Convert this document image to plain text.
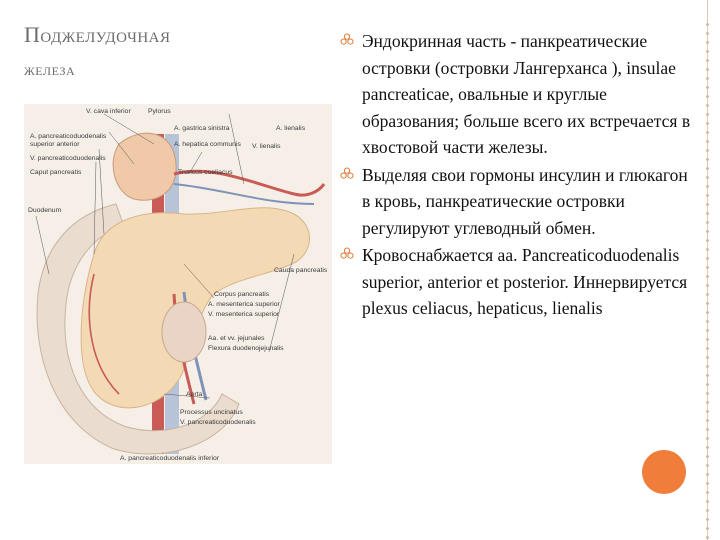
Поджелудочная
железа
V. cava inferior	Pylorus
A. pancreaticoduodenalis
superior anterior
V. pancreaticoduodenalis
Caput pancreatis
Duodenum
A. gastrica sinistra
A. hepatica communis V. lienalis
A. lienalis
Truncus coeliacus
Cauda pancreatis
Corpus pancreatis
A. mesenterica superior
V. mesenterica superior
Aa. et vv. jejunales
Flexura duodenojejunalis
Aorta
Processus uncinatus
V. pancreaticoduodenalis
A. pancreaticoduodenalis inferior
Эндокринная часть - панкреатические островки (островки Лангерханса ), insulae pancreaticae, овальные и круглые образования; больше всего их встречается в хвостовой части железы.
Выделяя свои гормоны инсулин и глюкагон в кровь, панкреатические островки регулируют углеводный обмен.
Кровоснабжается аа. Pancreaticoduodenalis superior, anterior et posterior. Иннервируется plexus celiacus, hepaticus, lienalis
